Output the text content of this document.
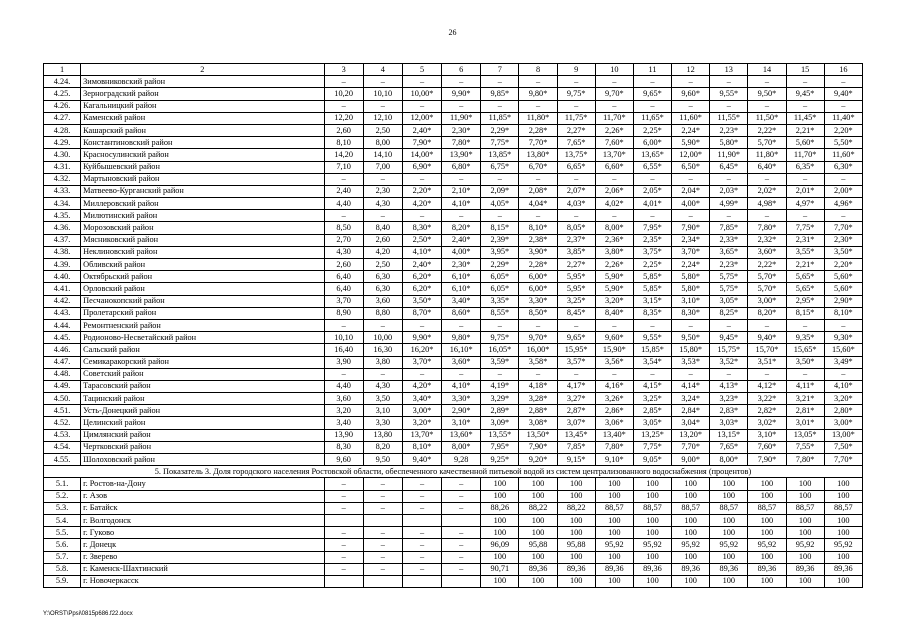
26
1	2	3	4	5	6	7	8	9	10	11	12	13	14	15	16
4.24.	Зимовниковский район	–	–	–	–	–	–	–	–	–	–	–	–	–	–
4.25.	Зерноградский район	10,20	10,10	10,00*	9,90*	9,85*	9,80*	9,75*	9,70*	9,65*	9,60*	9,55*	9,50*	9,45*	9,40*
4.26.	Кагальницкий район	–	–	–	–	–	–	–	–	–	–	–	–	–	–
4.27.	Каменский район	12,20	12,10	12,00*	11,90*	11,85*	11,80*	11,75*	11,70*	11,65*	11,60*	11,55*	11,50*	11,45*	11,40*
4.28.	Кашарский район	2,60	2,50	2,40*	2,30*	2,29*	2,28*	2,27*	2,26*	2,25*	2,24*	2,23*	2,22*	2,21*	2,20*
4.29.	Константиновский район	8,10	8,00	7,90*	7,80*	7,75*	7,70*	7,65*	7,60*	6,00*	5,90*	5,80*	5,70*	5,60*	5,50*
4.30.	Красносулинский район	14,20	14,10	14,00*	13,90*	13,85*	13,80*	13,75*	13,70*	13,65*	12,00*	11,90*	11,80*	11,70*	11,60*
4.31.	Куйбышевский район	7,10	7,00	6,90*	6,80*	6,75*	6,70*	6,65*	6,60*	6,55*	6,50*	6,45*	6,40*	6,35*	6,30*
4.32.	Мартыновский район	–	–	–	–	–	–	–	–	–	–	–	–	–	–
4.33.	Матвеево-Курганский район	2,40	2,30	2,20*	2,10*	2,09*	2,08*	2,07*	2,06*	2,05*	2,04*	2,03*	2,02*	2,01*	2,00*
4.34.	Миллеровский район	4,40	4,30	4,20*	4,10*	4,05*	4,04*	4,03*	4,02*	4,01*	4,00*	4,99*	4,98*	4,97*	4,96*
4.35.	Милютинский район	–	–	–	–	–	–	–	–	–	–	–	–	–	–
4.36.	Морозовский район	8,50	8,40	8,30*	8,20*	8,15*	8,10*	8,05*	8,00*	7,95*	7,90*	7,85*	7,80*	7,75*	7,70*
4.37.	Мясниковский район	2,70	2,60	2,50*	2,40*	2,39*	2,38*	2,37*	2,36*	2,35*	2,34*	2,33*	2,32*	2,31*	2,30*
4.38.	Неклиновский район	4,30	4,20	4,10*	4,00*	3,95*	3,90*	3,85*	3,80*	3,75*	3,70*	3,65*	3,60*	3,55*	3,50*
4.39.	Обливский район	2,60	2,50	2,40*	2,30*	2,29*	2,28*	2,27*	2,26*	2,25*	2,24*	2,23*	2,22*	2,21*	2,20*
4.40.	Октябрьский район	6,40	6,30	6,20*	6,10*	6,05*	6,00*	5,95*	5,90*	5,85*	5,80*	5,75*	5,70*	5,65*	5,60*
4.41.	Орловский район	6,40	6,30	6,20*	6,10*	6,05*	6,00*	5,95*	5,90*	5,85*	5,80*	5,75*	5,70*	5,65*	5,60*
4.42.	Песчанокопский район	3,70	3,60	3,50*	3,40*	3,35*	3,30*	3,25*	3,20*	3,15*	3,10*	3,05*	3,00*	2,95*	2,90*
4.43.	Пролетарский район	8,90	8,80	8,70*	8,60*	8,55*	8,50*	8,45*	8,40*	8,35*	8,30*	8,25*	8,20*	8,15*	8,10*
4.44.	Ремонтненский район	–	–	–	–	–	–	–	–	–	–	–	–	–	–
4.45.	Родионово-Несветайский район	10,10	10,00	9,90*	9,80*	9,75*	9,70*	9,65*	9,60*	9,55*	9,50*	9,45*	9,40*	9,35*	9,30*
4.46.	Сальский район	16,40	16,30	16,20*	16,10*	16,05*	16,00*	15,95*	15,90*	15,85*	15,80*	15,75*	15,70*	15,65*	15,60*
4.47.	Семикаракорский район	3,90	3,80	3,70*	3,60*	3,59*	3,58*	3,57*	3,56*	3,54*	3,53*	3,52*	3,51*	3,50*	3,49*
4.48.	Советский район	–	–	–	–	–	–	–	–	–	–	–	–	–	–
4.49.	Тарасовский район	4,40	4,30	4,20*	4,10*	4,19*	4,18*	4,17*	4,16*	4,15*	4,14*	4,13*	4,12*	4,11*	4,10*
4.50.	Тацинский район	3,60	3,50	3,40*	3,30*	3,29*	3,28*	3,27*	3,26*	3,25*	3,24*	3,23*	3,22*	3,21*	3,20*
4.51.	Усть-Донецкий район	3,20	3,10	3,00*	2,90*	2,89*	2,88*	2,87*	2,86*	2,85*	2,84*	2,83*	2,82*	2,81*	2,80*
4.52.	Целинский район	3,40	3,30	3,20*	3,10*	3,09*	3,08*	3,07*	3,06*	3,05*	3,04*	3,03*	3,02*	3,01*	3,00*
4.53.	Цимлянский район	13,90	13,80	13,70*	13,60*	13,55*	13,50*	13,45*	13,40*	13,25*	13,20*	13,15*	3,10*	13,05*	13,00*
4.54.	Чертковский район	8,30	8,20	8,10*	8,00*	7,95*	7,90*	7,85*	7,80*	7,75*	7,70*	7,65*	7,60*	7,55*	7,50*
4.55.	Шолоховский район	9,60	9,50	9,40*	9,28	9,25*	9,20*	9,15*	9,10*	9,05*	9,00*	8,00*	7,90*	7,80*	7,70*
5. Показатель 3. Доля городского населения Ростовской области, обеспеченного качественной питьевой водой из систем централизованного водоснабжения (процентов)															
5.1.	г. Ростов-на-Дону	–	–	–	–	100	100	100	100	100	100	100	100	100	100
5.2.	г. Азов	–	–	–	–	100	100	100	100	100	100	100	100	100	100
5.3.	г. Батайск	–	–	–	–	88,26	88,22	88,22	88,57	88,57	88,57	88,57	88,57	88,57	88,57
5.4.	г. Волгодонск					100	100	100	100	100	100	100	100	100	100
5.5.	г. Гуково	–	–	–	–	100	100	100	100	100	100	100	100	100	100
5.6.	г. Донецк	–	–	–	–	96,09	95,88	95,88	95,92	95,92	95,92	95,92	95,92	95,92	95,92
5.7.	г. Зверево	–	–	–	–	100	100	100	100	100	100	100	100	100	100
5.8.	г. Каменск-Шахтинский	–	–	–	–	90,71	89,36	89,36	89,36	89,36	89,36	89,36	89,36	89,36	89,36
5.9.	г. Новочеркасск					100	100	100	100	100	100	100	100	100	100
Y:\ORST\Ppsi\0815p686.f22.docx
